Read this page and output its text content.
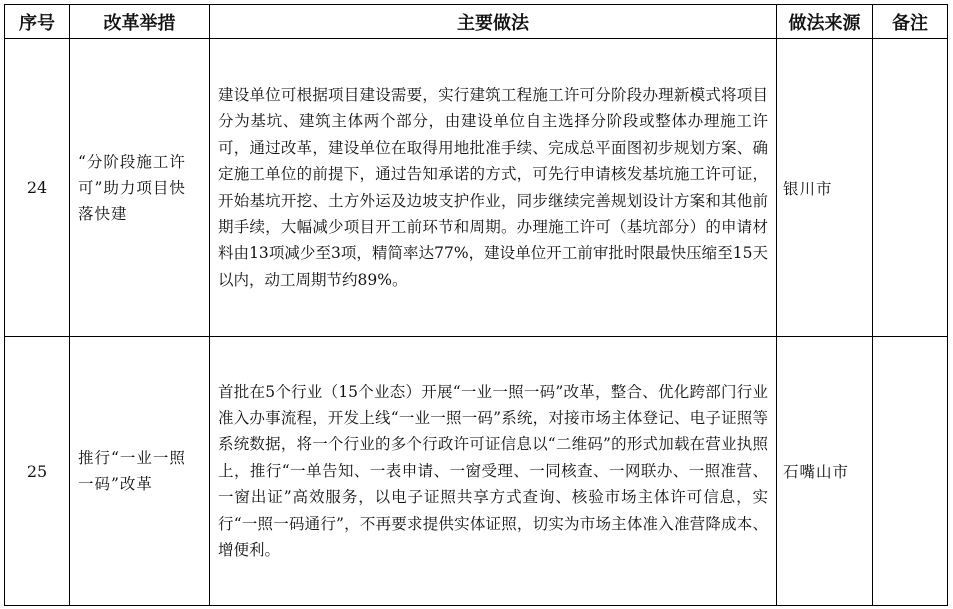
序号	改革举措	主要做法	做法来源	备注
24	“分阶段施工许可”助力项目快落快建	建设单位可根据项目建设需要，实行建筑工程施工许可分阶段办理新模式将项目分为基坑、建筑主体两个部分，由建设单位自主选择分阶段或整体办理施工许可，通过改革，建设单位在取得用地批准手续、完成总平面图初步规划方案、确定施工单位的前提下，通过告知承诺的方式，可先行申请核发基坑施工许可证，开始基坑开挖、土方外运及边坡支护作业，同步继续完善规划设计方案和其他前期手续，大幅减少项目开工前环节和周期。办理施工许可（基坑部分）的申请材料由13项减少至3项，精简率达77%，建设单位开工前审批时限最快压缩至15天以内，动工周期节约89%。	银川市	
25	推行“一业一照一码”改革	首批在5个行业（15个业态）开展“一业一照一码”改革，整合、优化跨部门行业准入办事流程，开发上线“一业一照一码”系统，对接市场主体登记、电子证照等系统数据，将一个行业的多个行政许可证信息以“二维码”的形式加载在营业执照上，推行“一单告知、一表申请、一窗受理、一同核查、一网联办、一照准营、一窗出证”高效服务，以电子证照共享方式查询、核验市场主体许可信息，实行“一照一码通行”，不再要求提供实体证照，切实为市场主体准入准营降成本、增便利。	石嘴山市	
